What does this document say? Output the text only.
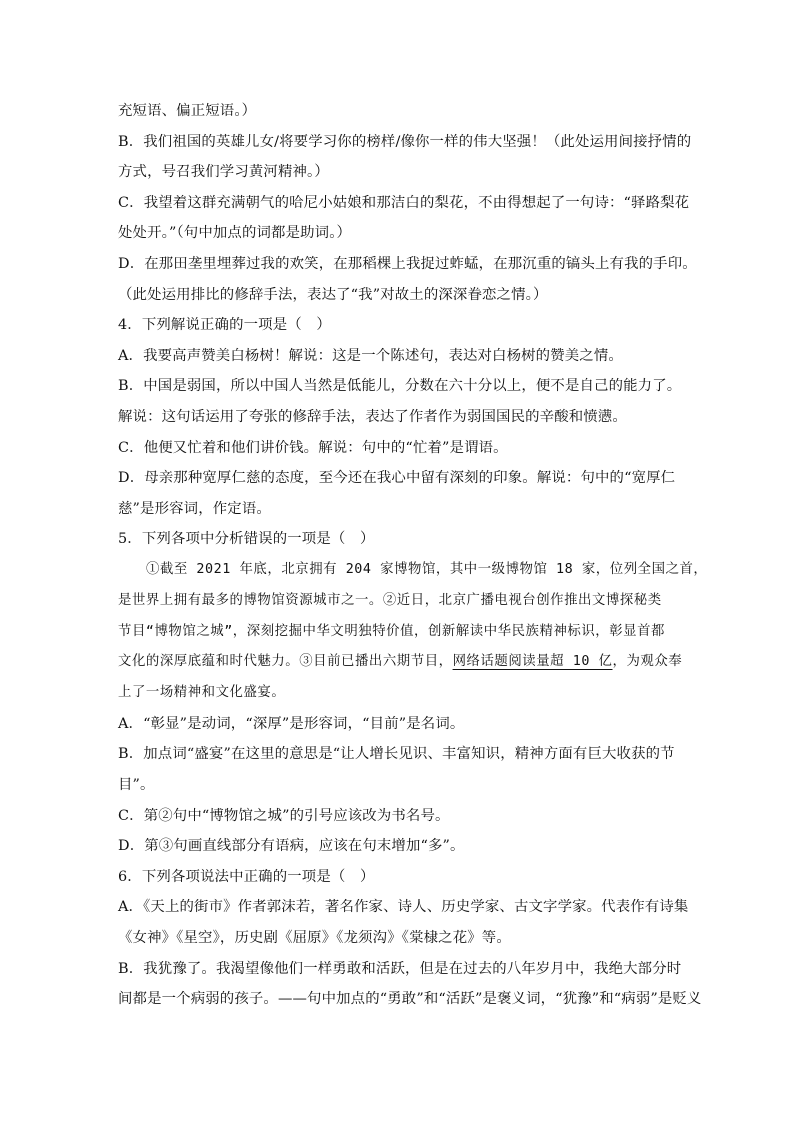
充短语、偏正短语。）
B．我们祖国的英雄儿女/将要学习你的榜样/像你一样的伟大坚强！（此处运用间接抒情的
方式，号召我们学习黄河精神。）
C．我望着这群充满朝气的哈尼小姑娘和那洁白的梨花，不由得想起了一句诗：“驿路梨花
处处开。”（句中加点的词都是助词。）
D．在那田垄里埋葬过我的欢笑，在那稻棵上我捉过蚱蜢，在那沉重的镐头上有我的手印。
（此处运用排比的修辞手法，表达了“我”对故土的深深眷恋之情。）
4．下列解说正确的一项是（　）
A．我要高声赞美白杨树！解说：这是一个陈述句，表达对白杨树的赞美之情。
B．中国是弱国，所以中国人当然是低能儿，分数在六十分以上，便不是自己的能力了。
解说：这句话运用了夸张的修辞手法，表达了作者作为弱国国民的辛酸和愤懑。
C．他便又忙着和他们讲价钱。解说：句中的“忙着”是谓语。
D．母亲那种宽厚仁慈的态度，至今还在我心中留有深刻的印象。解说：句中的“宽厚仁
慈”是形容词，作定语。
5．下列各项中分析错误的一项是（　）
①截至 2021 年底，北京拥有 204 家博物馆，其中一级博物馆 18 家，位列全国之首，
是世界上拥有最多的博物馆资源城市之一。②近日，北京广播电视台创作推出文博探秘类
节目“博物馆之城”，深刻挖掘中华文明独特价值，创新解读中华民族精神标识，彰显首都
文化的深厚底蕴和时代魅力。③目前已播出六期节目，网络话题阅读量超 10 亿，为观众奉
上了一场精神和文化盛宴。
A．“彰显”是动词，“深厚”是形容词，“目前”是名词。
B．加点词“盛宴”在这里的意思是“让人增长见识、丰富知识，精神方面有巨大收获的节
目”。
C．第②句中“博物馆之城”的引号应该改为书名号。
D．第③句画直线部分有语病，应该在句末增加“多”。
6．下列各项说法中正确的一项是（　）
A．《天上的街市》作者郭沫若，著名作家、诗人、历史学家、古文字学家。代表作有诗集
《女神》《星空》，历史剧《屈原》《龙须沟》《棠棣之花》等。
B．我犹豫了。我渴望像他们一样勇敢和活跃，但是在过去的八年岁月中，我绝大部分时
间都是一个病弱的孩子。——句中加点的“勇敢”和“活跃”是褒义词，“犹豫”和“病弱”是贬义
